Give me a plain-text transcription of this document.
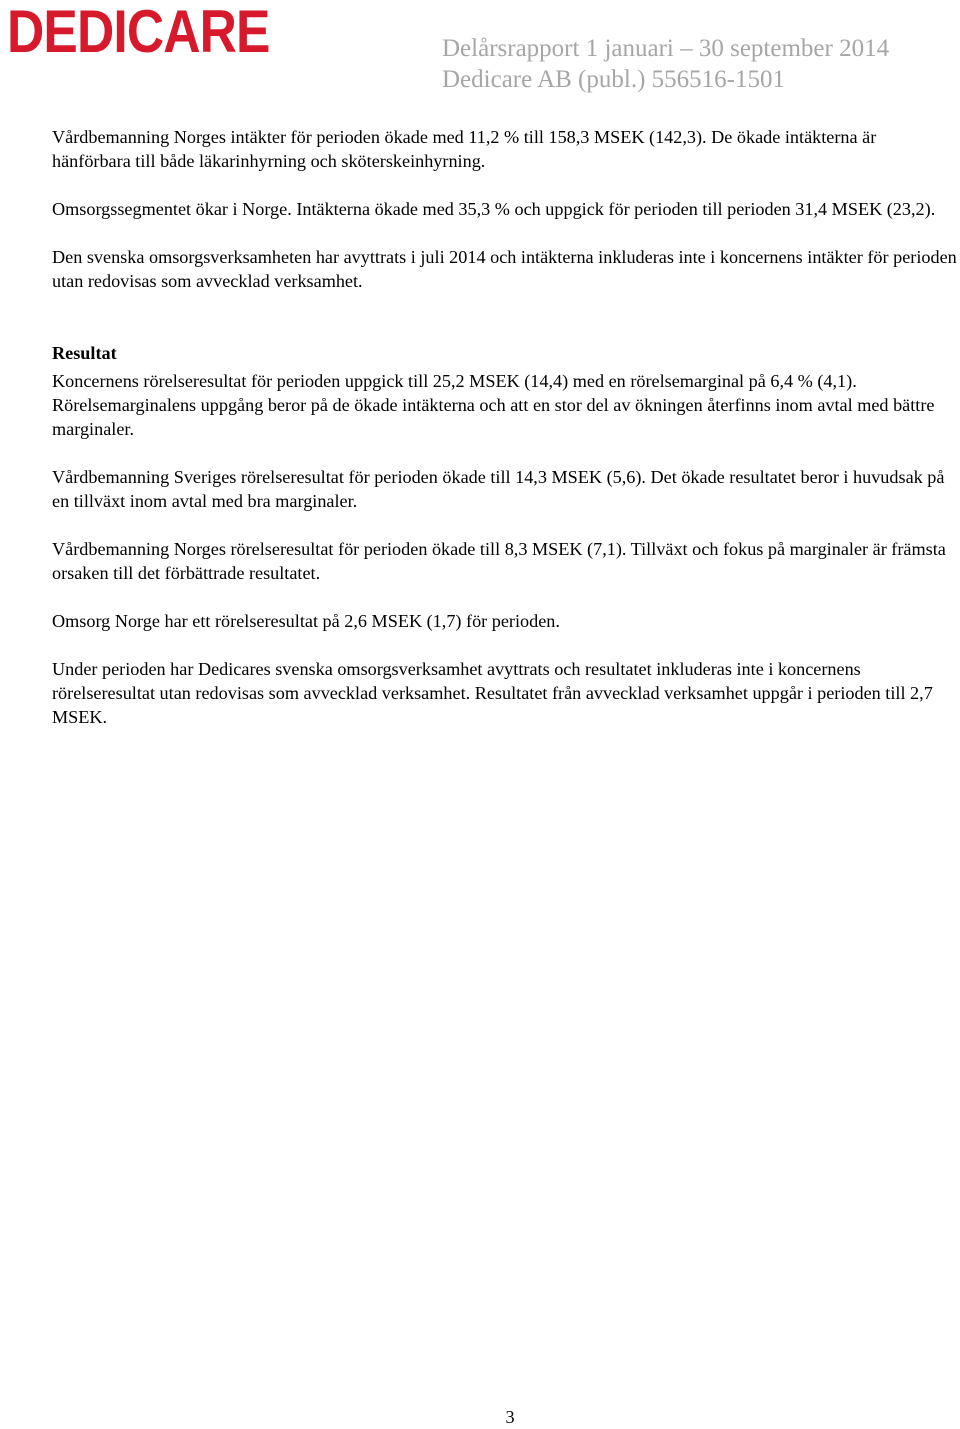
DEDICARE	Delårsrapport 1 januari – 30 september 2014
Dedicare AB (publ.) 556516-1501

Vårdbemanning Norges intäkter för perioden ökade med 11,2 % till 158,3 MSEK (142,3). De ökade intäkterna är hänförbara till både läkarinhyrning och sköterskeinhyrning.

Omsorgssegmentet ökar i Norge. Intäkterna ökade med 35,3 % och uppgick för perioden till perioden 31,4 MSEK (23,2).

Den svenska omsorgsverksamheten har avyttrats i juli 2014 och intäkterna inkluderas inte i koncernens intäkter för perioden utan redovisas som avvecklad verksamhet.

Resultat

Koncernens rörelseresultat för perioden uppgick till 25,2 MSEK (14,4) med en rörelsemarginal på 6,4 % (4,1). Rörelsemarginalens uppgång beror på de ökade intäkterna och att en stor del av ökningen återfinns inom avtal med bättre marginaler.

Vårdbemanning Sveriges rörelseresultat för perioden ökade till 14,3 MSEK (5,6). Det ökade resultatet beror i huvudsak på en tillväxt inom avtal med bra marginaler.

Vårdbemanning Norges rörelseresultat för perioden ökade till 8,3 MSEK (7,1). Tillväxt och fokus på marginaler är främsta orsaken till det förbättrade resultatet.

Omsorg Norge har ett rörelseresultat på 2,6 MSEK (1,7) för perioden.

Under perioden har Dedicares svenska omsorgsverksamhet avyttrats och resultatet inkluderas inte i koncernens rörelseresultat utan redovisas som avvecklad verksamhet. Resultatet från avvecklad verksamhet uppgår i perioden till 2,7 MSEK.

3
